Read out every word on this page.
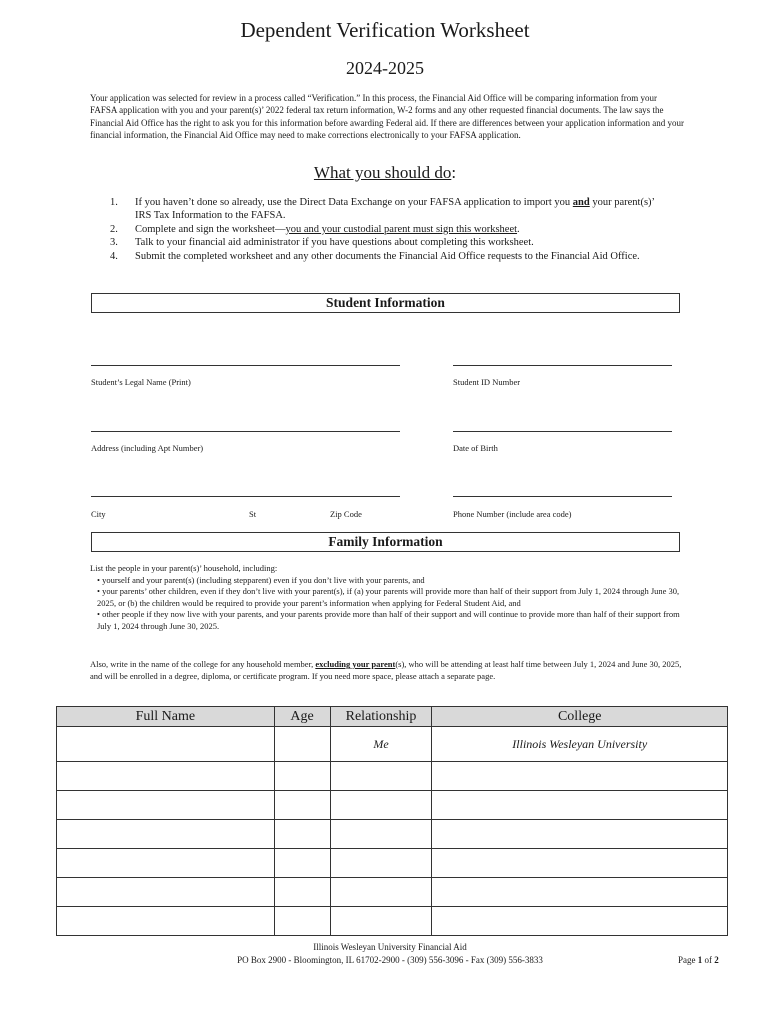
Dependent Verification Worksheet
2024-2025

Your application was selected for review in a process called “Verification.” In this process, the Financial Aid Office will be comparing information from your FAFSA application with you and your parent(s)’ 2022 federal tax return information, W-2 forms and any other requested financial documents. The law says the Financial Aid Office has the right to ask you for this information before awarding Federal aid. If there are differences between your application information and your financial information, the Financial Aid Office may need to make corrections electronically to your FAFSA application.

What you should do:
1. If you haven’t done so already, use the Direct Data Exchange on your FAFSA application to import you and your parent(s)’ IRS Tax Information to the FAFSA.
2. Complete and sign the worksheet—you and your custodial parent must sign this worksheet.
3. Talk to your financial aid administrator if you have questions about completing this worksheet.
4. Submit the completed worksheet and any other documents the Financial Aid Office requests to the Financial Aid Office.
Student Information
Student’s Legal Name (Print)	Student ID Number
Address (including Apt Number)	Date of Birth
City	St	Zip Code	Phone Number (include area code)
Family Information
List the people in your parent(s)’ household, including:
• yourself and your parent(s) (including stepparent) even if you don’t live with your parents, and
• your parents’ other children, even if they don’t live with your parent(s), if (a) your parents will provide more than half of their support from July 1, 2024 through June 30, 2025, or (b) the children would be required to provide your parent’s information when applying for Federal Student Aid, and
• other people if they now live with your parents, and your parents provide more than half of their support and will continue to provide more than half of their support from July 1, 2024 through June 30, 2025.
Also, write in the name of the college for any household member, excluding your parent(s), who will be attending at least half time between July 1, 2024 and June 30, 2025, and will be enrolled in a degree, diploma, or certificate program. If you need more space, please attach a separate page.
Full Name	Age	Relationship	College
		Me	Illinois Wesleyan University

Illinois Wesleyan University Financial Aid
PO Box 2900 - Bloomington, IL 61702-2900 - (309) 556-3096 - Fax (309) 556-3833	Page 1 of 2
